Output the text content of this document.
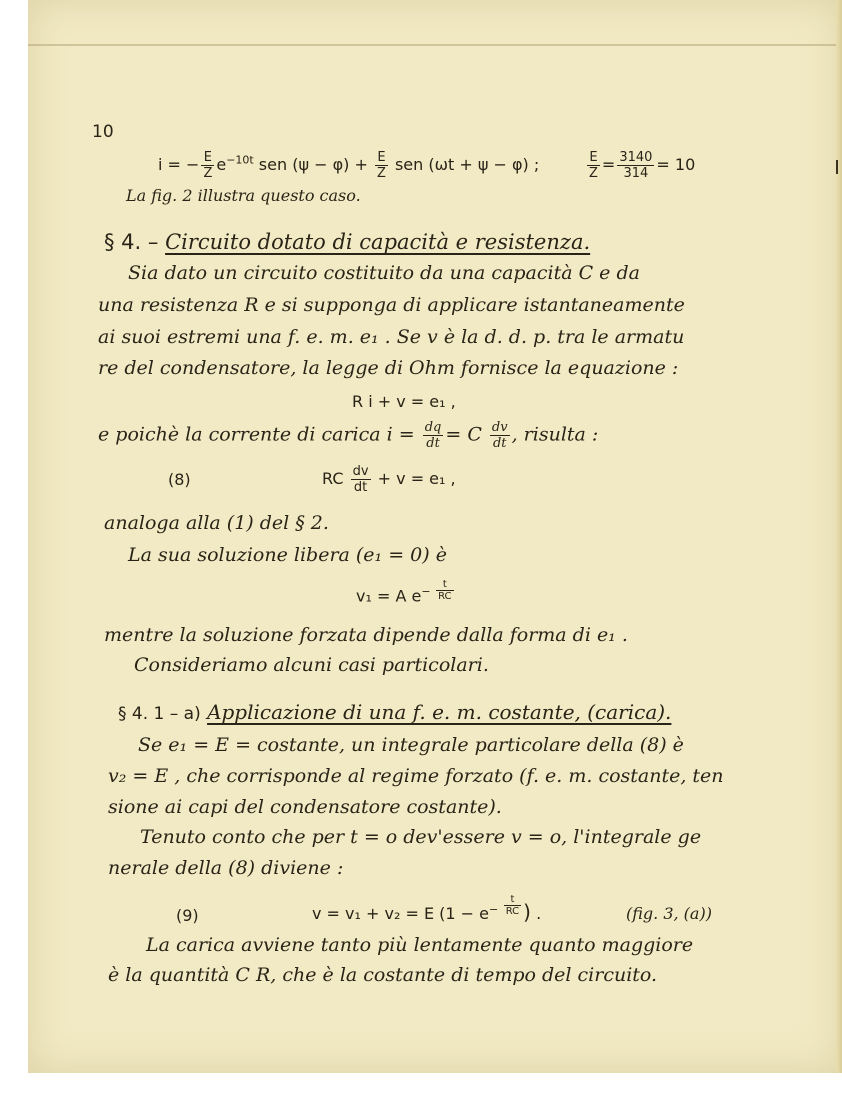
10
i = − $\frac{E}{Z} e^{-10t}$ sen $(\psi - \varphi) + \frac{E}{Z}$ sen (ωt + ψ − φ) ;	$\frac{E}{Z} = \frac{3140}{314} = 10$
La fig. 2 illustra questo caso.
§ 4. – Circuito dotato di capacità e resistenza.
Sia dato un circuito costituito da una capacità C e da
una resistenza R e si supponga di applicare istantaneamente
ai suoi estremi una f. e. m. e₁ . Se v è la d. d. p. tra le armatu
re del condensatore, la legge di Ohm fornisce la equazione :
R i + v = e₁ ,
e poichè la corrente di carica $i = \frac{dq}{dt} = C \frac{dv}{dt}$ , risulta :
(8)	RC $\frac{dv}{dt} + v = e_1$ ,
analoga alla (1) del § 2.
La sua soluzione libera (e₁ = 0) è
v₁ = A $e^{- \frac{t}{RC}}$
mentre la soluzione forzata dipende dalla forma di e₁ .
Consideriamo alcuni casi particolari.
§ 4. 1 – a) Applicazione di una f. e. m. costante, (carica).
Se e₁ = E = costante, un integrale particolare della (8) è
v₂ = E , che corrisponde al regime forzato (f. e. m. costante, ten
sione ai capi del condensatore costante).
Tenuto conto che per t = o dev'essere v = o, l'integrale ge
nerale della (8) diviene :
(9)	v = v₁ + v₂ = E ($1 - e^{- \frac{t}{RC}}$ ) .	(fig. 3, (a))
La carica avviene tanto più lentamente quanto maggiore
è la quantità C R, che è la costante di tempo del circuito.
